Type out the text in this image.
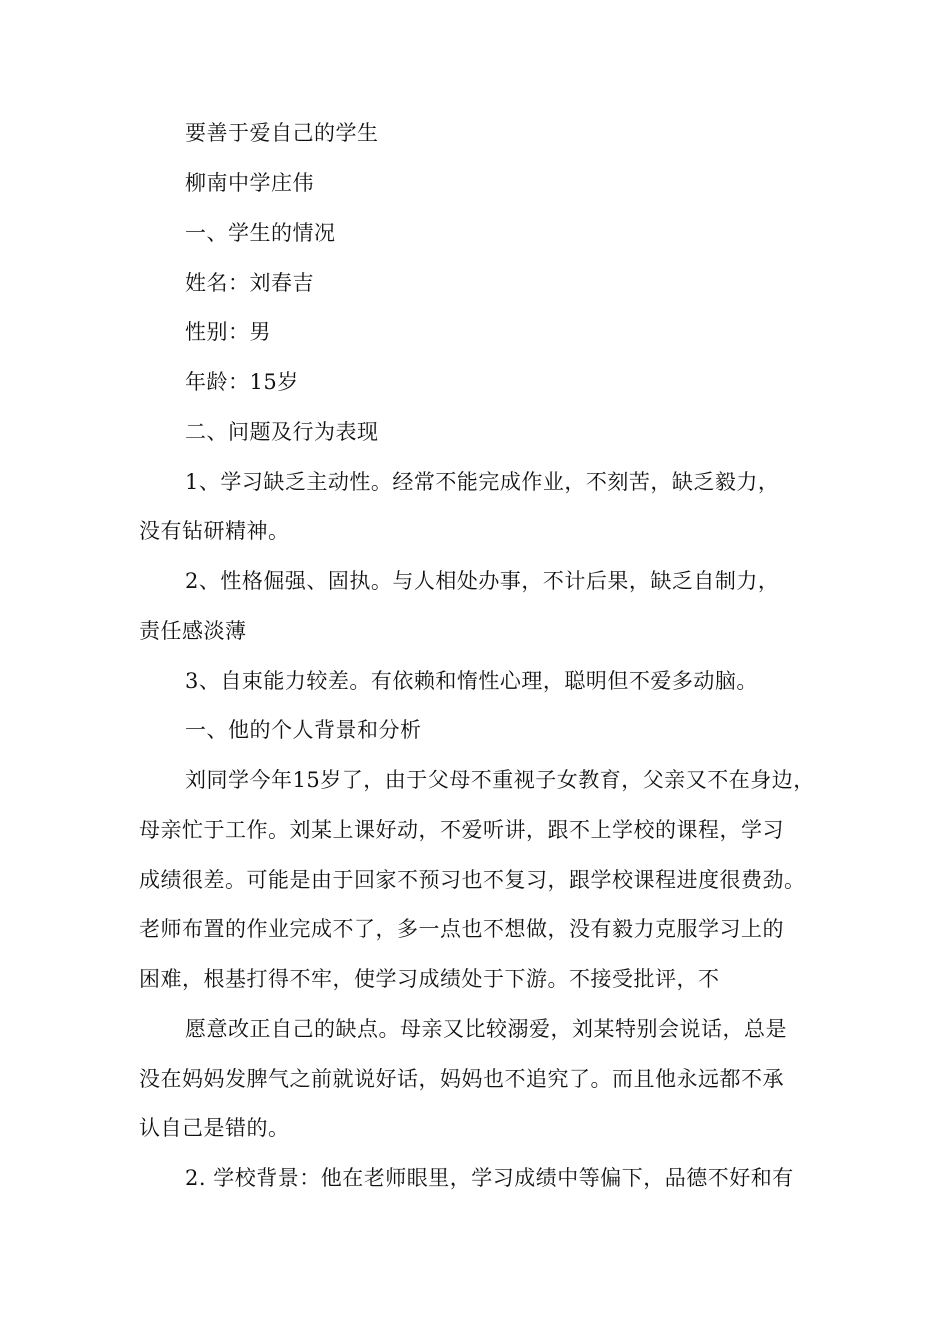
要善于爱自己的学生
柳南中学庄伟
一、学生的情况
姓名：刘春吉
性别：男
年龄：15岁
二、问题及行为表现
1、学习缺乏主动性。经常不能完成作业，不刻苦，缺乏毅力，
没有钻研精神。
2、性格倔强、固执。与人相处办事，不计后果，缺乏自制力，
责任感淡薄
3、自束能力较差。有依赖和惰性心理，聪明但不爱多动脑。
一、他的个人背景和分析
刘同学今年15岁了，由于父母不重视子女教育，父亲又不在身边，
母亲忙于工作。刘某上课好动，不爱听讲，跟不上学校的课程，学习
成绩很差。可能是由于回家不预习也不复习，跟学校课程进度很费劲。
老师布置的作业完成不了，多一点也不想做，没有毅力克服学习上的
困难，根基打得不牢，使学习成绩处于下游。不接受批评，不
愿意改正自己的缺点。母亲又比较溺爱，刘某特别会说话，总是
没在妈妈发脾气之前就说好话，妈妈也不追究了。而且他永远都不承
认自己是错的。
2. 学校背景：他在老师眼里，学习成绩中等偏下，品德不好和有
